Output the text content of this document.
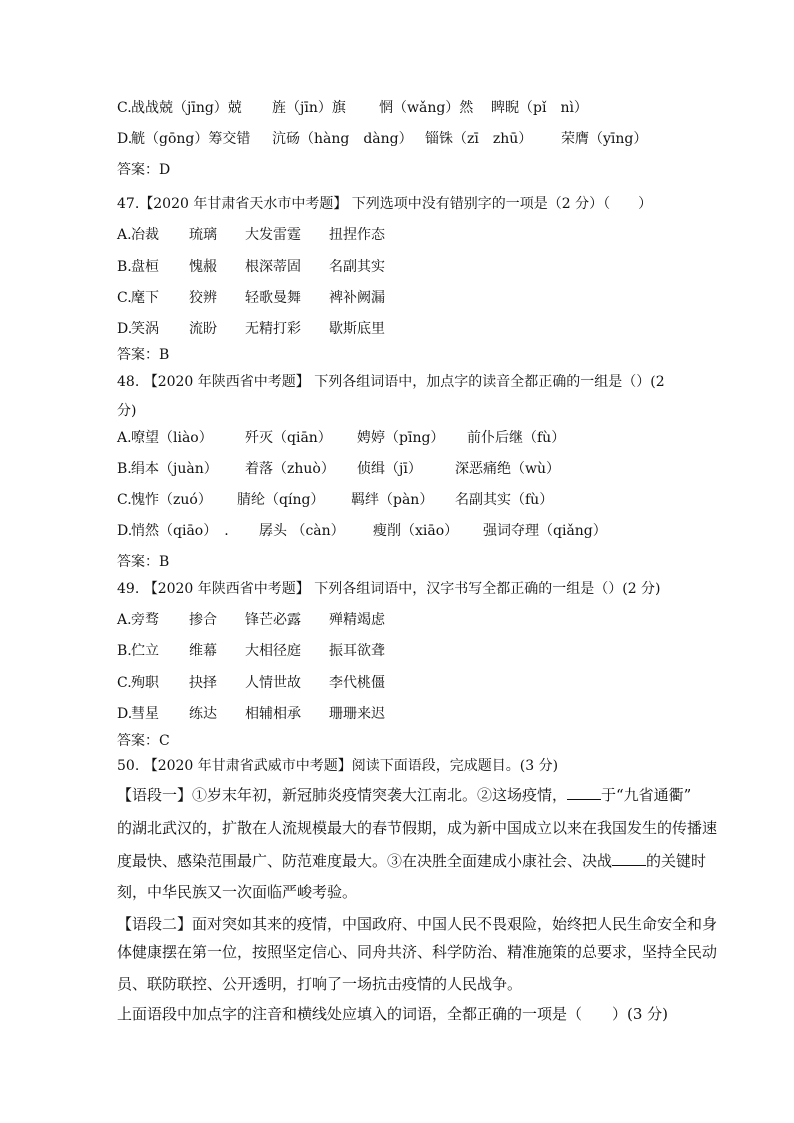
C. 战战兢（jīng）兢 旌（jīn）旗 惘（wǎng）然 睥睨（pǐ　nì）
D.
觥（gōng）筹交错 沆砀（hàng　dàng） 锱铢（zī　zhū） 荣膺（yīng）
答案：D
47.【2020 年甘肃省天水市中考题】 下列选项中没有错别字的一项是（2 分）（　　）
A. 冶裁 琉璃 大发雷霆 扭捏作态
B. 盘桓 愧赧 根深蒂固 名副其实
C. 麾下 狡辨 轻歌曼舞 裨补阙漏
D.
笑涡 流盼 无精打彩 歇斯底里
答案：B
48. 【2020 年陕西省中考题】 下列各组词语中，加点字的读音全都正确的一组是（）(2
分)
A. 嘹望（liào） 歼灭（qiān） 娉婷（pīng） 前仆后继（fù）
B. 绢本（juàn） 着落（zhuò） 侦缉（jī） 深恶痛绝（wù）
C. 愧怍（zuó） 腈纶（qíng） 羁绊（pàn） 名副其实（fù）
D.
悄然（qiāo）　. 孱头 （càn） 瘦削（xiāo） 强词夺理（qiǎng）
答案：B
49. 【2020 年陕西省中考题】 下列各组词语中，汉字书写全都正确的一组是（）(2 分)
A. 旁骛 掺合 锋芒必露 殚精竭虑
B. 伫立 维幕 大相径庭 振耳欲聋
C. 殉职 抉择 人情世故 李代桃僵
D.
彗星 练达 相辅相承 珊珊来迟
答案：C
50. 【2020 年甘肃省武威市中考题】阅读下面语段，完成题目。(3 分)
【语段一】①岁末年初，新冠肺炎疫情突袭大江南北。②这场疫情， 于“九省通衢”
的湖北武汉的，扩散在人流规模最大的春节假期，成为新中国成立以来在我国发生的传播速
度最快、感染范围最广、防范难度最大。③在决胜全面建成小康社会、决战 的关键时
刻，中华民族又一次面临严峻考验。
【语段二】面对突如其来的疫情，中国政府、中国人民不畏艰险，始终把人民生命安全和身
体健康摆在第一位，按照坚定信心、同舟共济、科学防治、精准施策的总要求，坚持全民动
员、联防联控、公开透明，打响了一场抗击疫情的人民战争。
上面语段中加点字的注音和横线处应填入的词语，全都正确的一项是（　　）(3 分)
